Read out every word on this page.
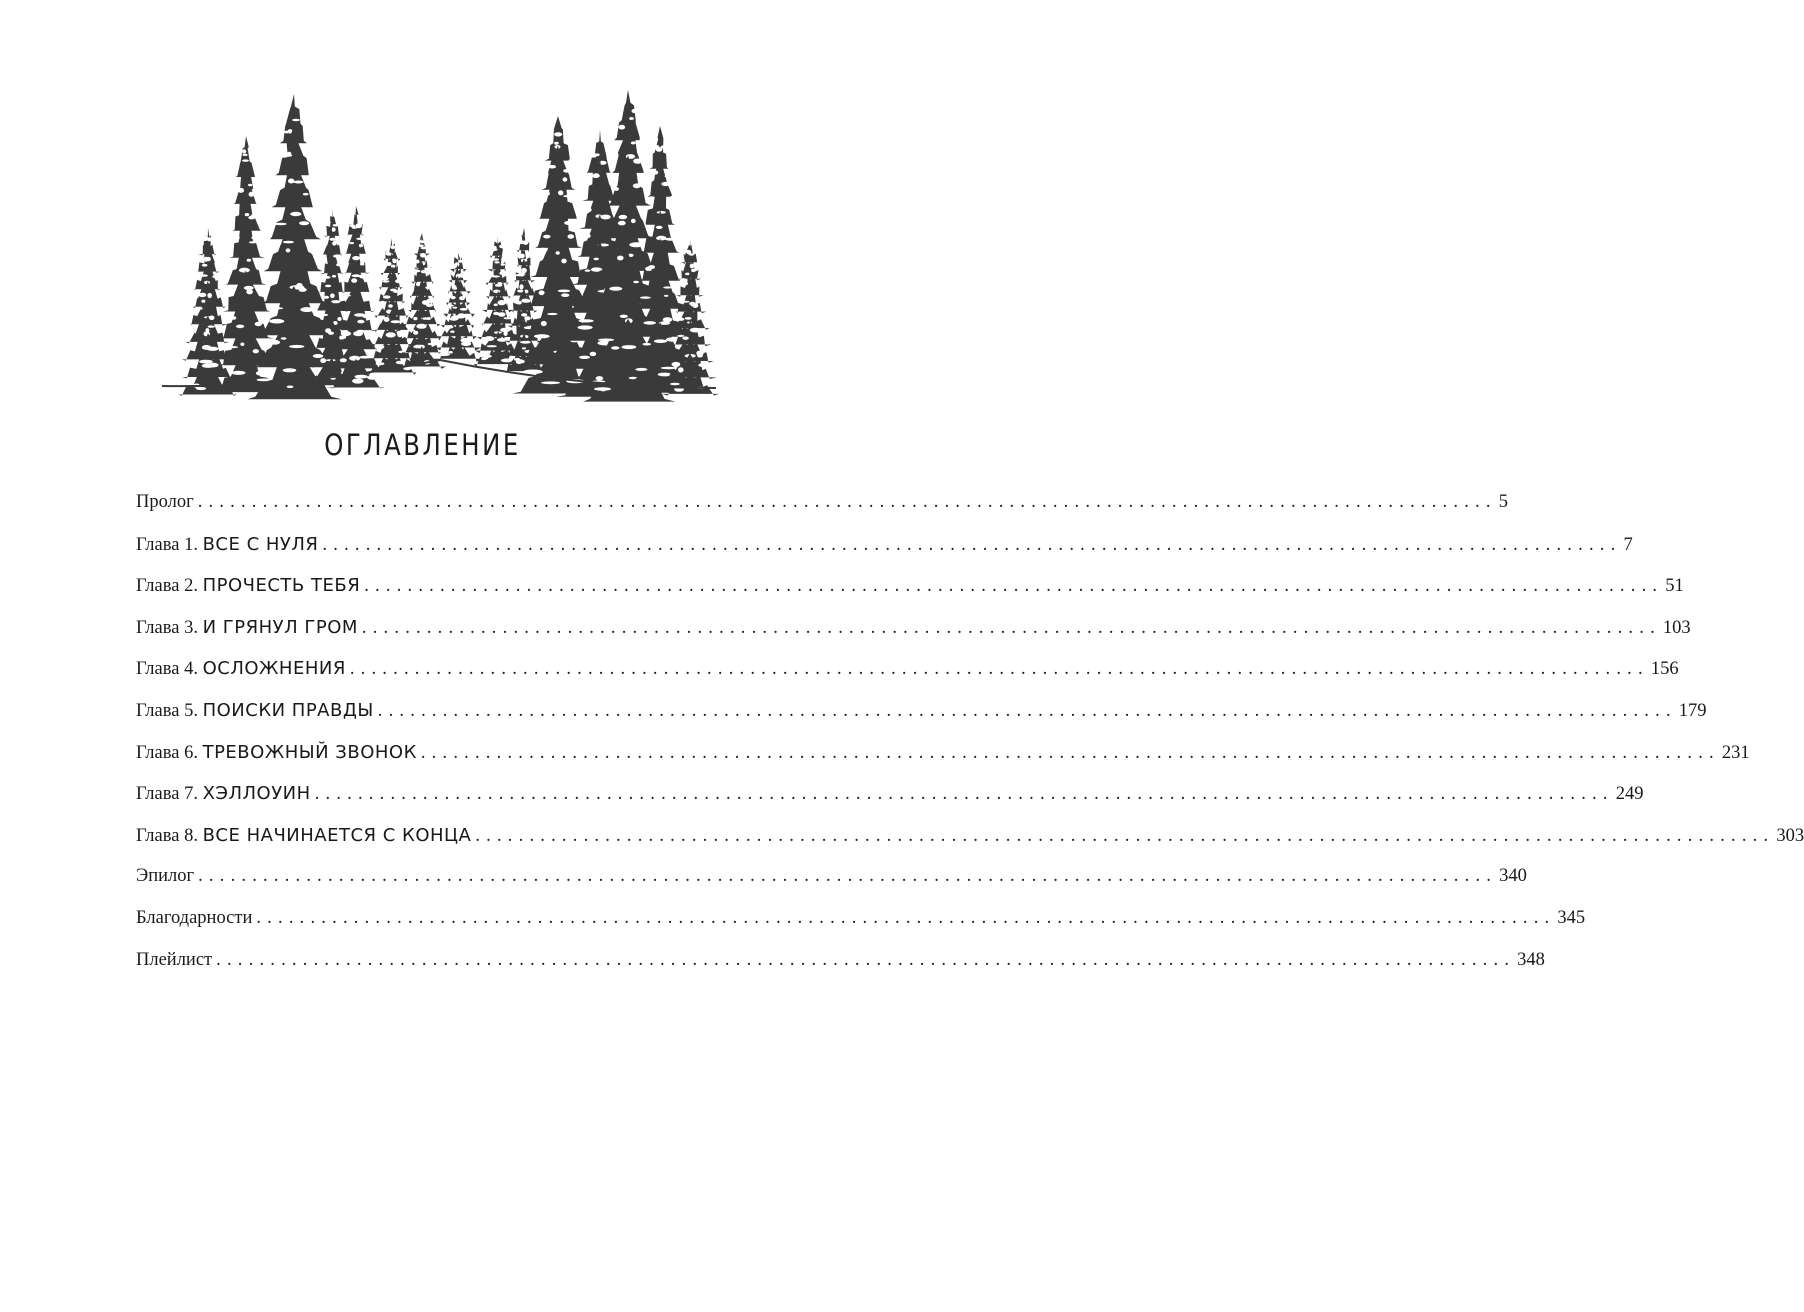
ОГЛАВЛЕНИЕ
Пролог ........................................................................................................................ 5
Глава 1. ВСЕ С НУЛЯ ........................................................................................................................ 7
Глава 2. ПРОЧЕСТЬ ТЕБЯ ........................................................................................................................ 51
Глава 3. И ГРЯНУЛ ГРОМ ........................................................................................................................ 103
Глава 4. ОСЛОЖНЕНИЯ ........................................................................................................................ 156
Глава 5. ПОИСКИ ПРАВДЫ ........................................................................................................................ 179
Глава 6. ТРЕВОЖНЫЙ ЗВОНОК ........................................................................................................................ 231
Глава 7. ХЭЛЛОУИН ........................................................................................................................ 249
Глава 8. ВСЕ НАЧИНАЕТСЯ С КОНЦА ........................................................................................................................ 303
Эпилог ........................................................................................................................ 340
Благодарности ........................................................................................................................ 345
Плейлист ........................................................................................................................ 348
